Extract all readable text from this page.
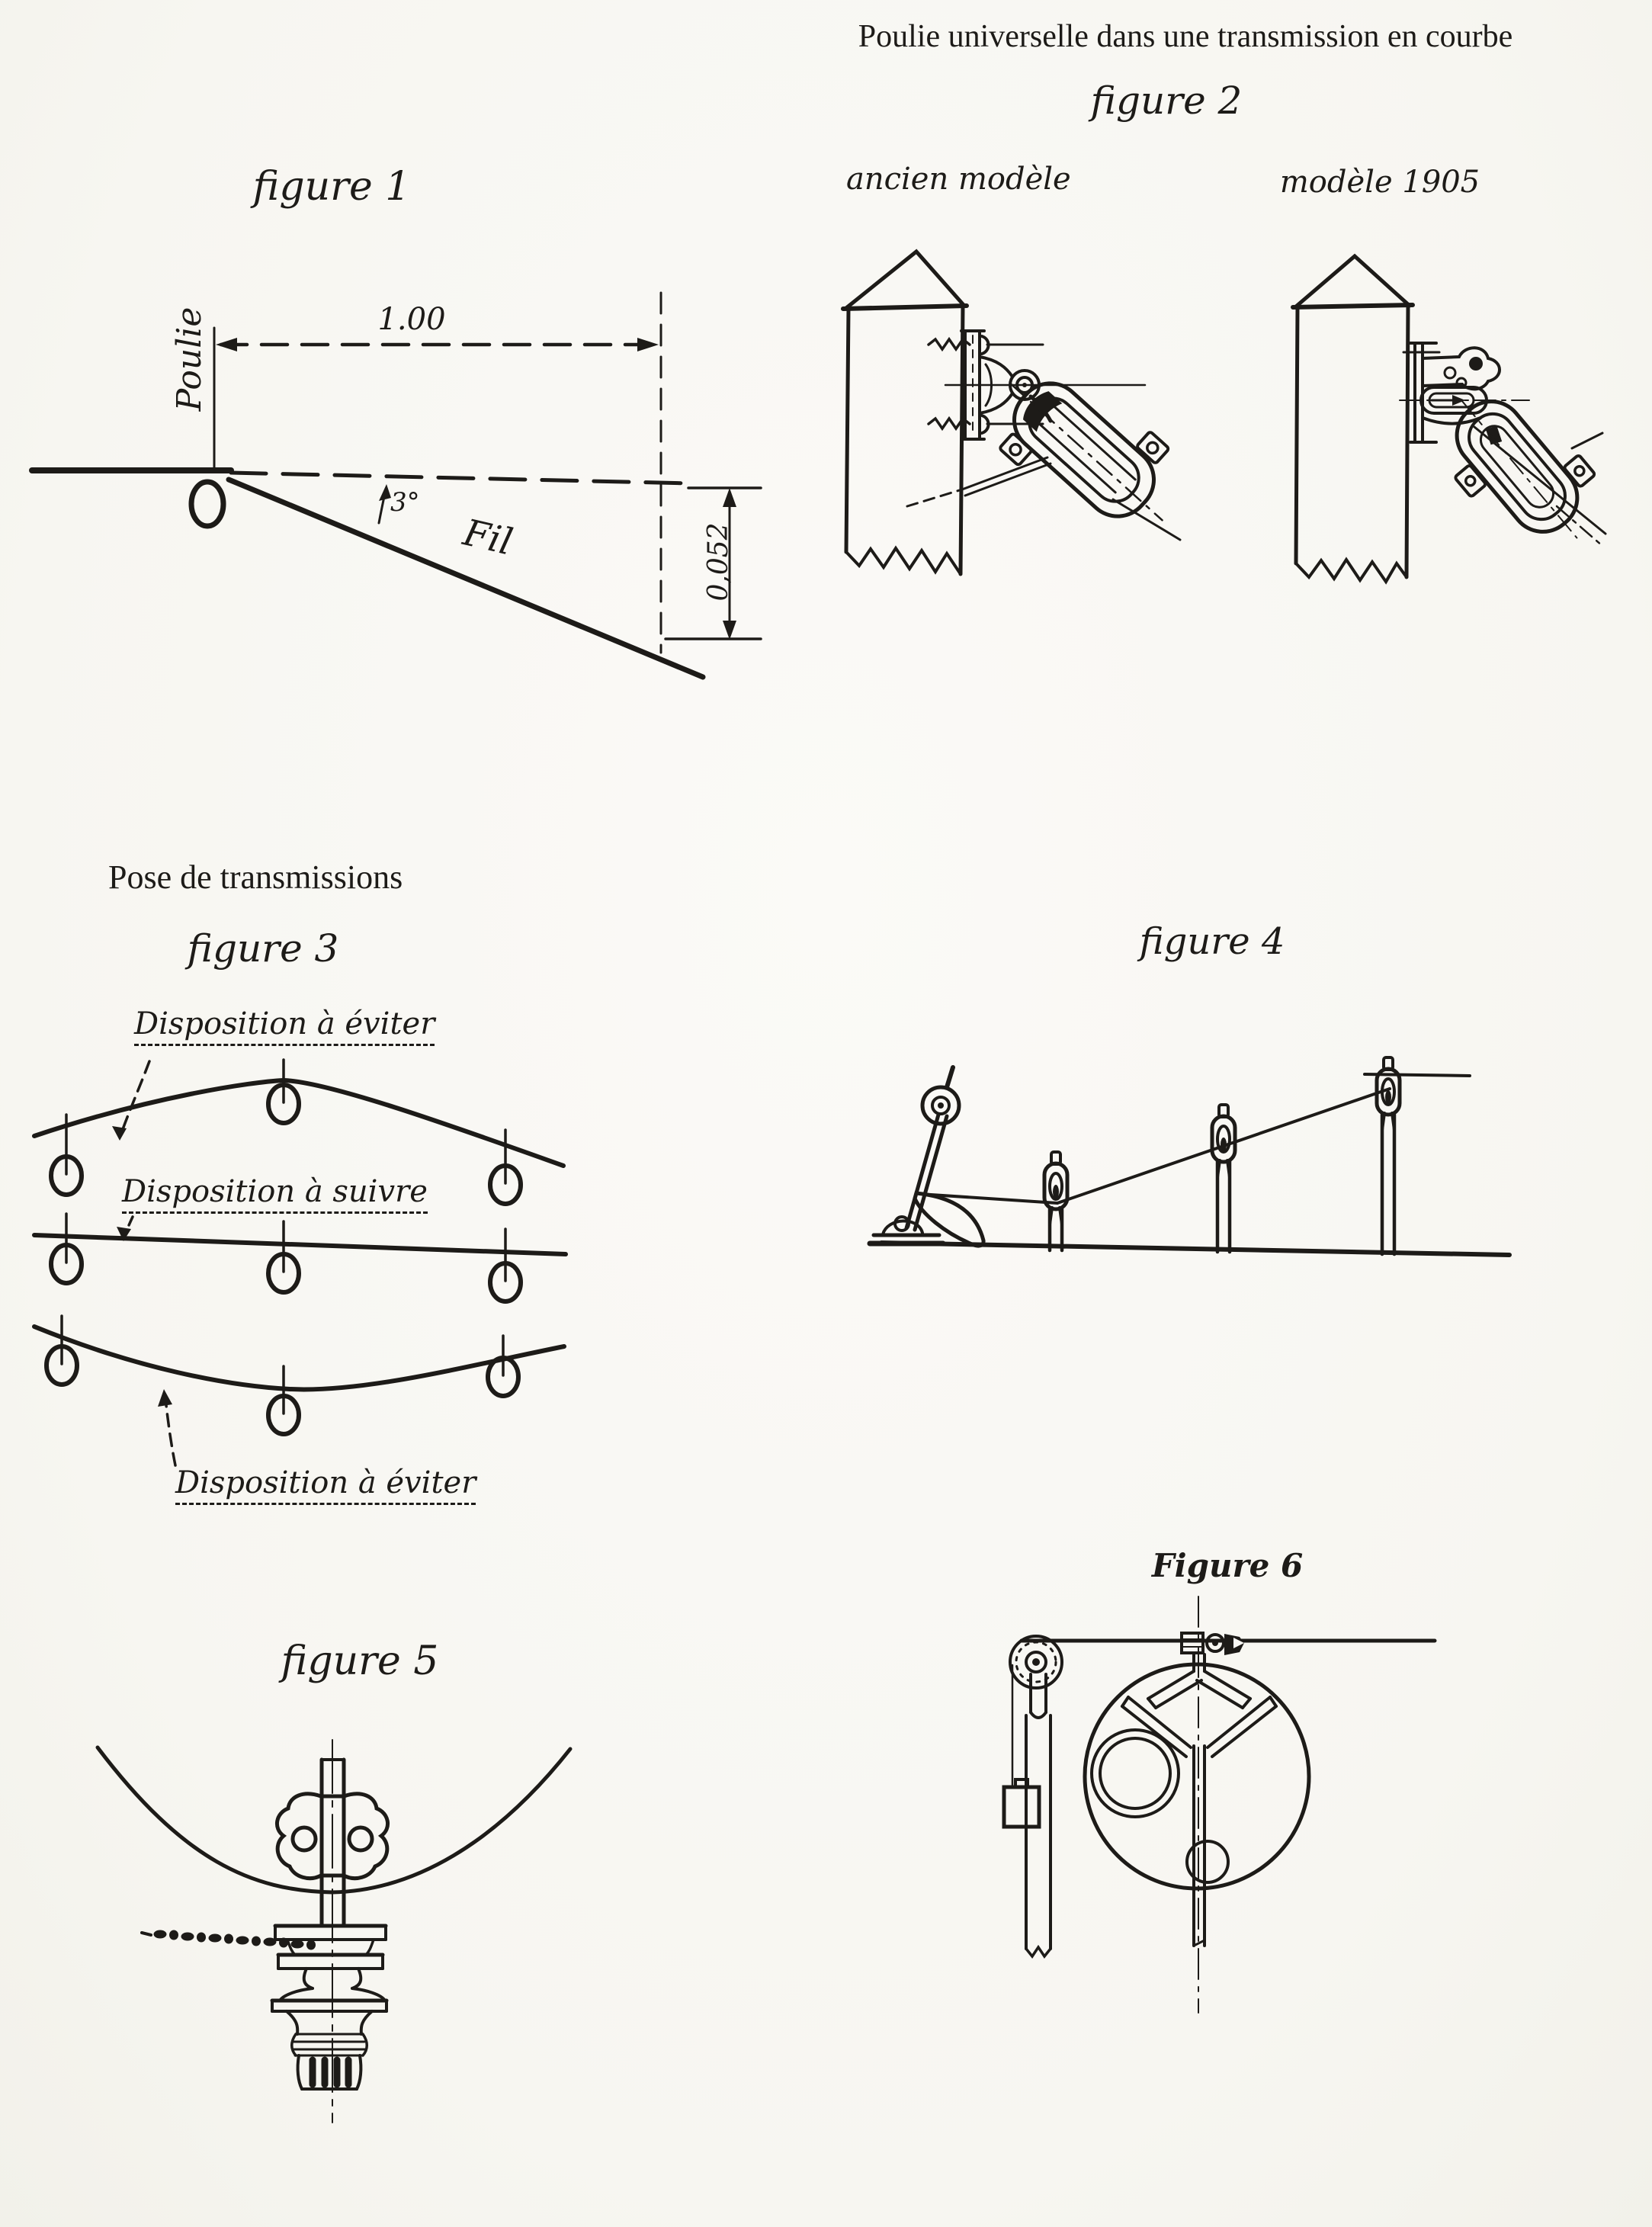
Poulie universelle dans une transmission en courbe
figure 2
figure 1	ancien modèle	modèle 1905
Poulie	1.00
3°
Fil	0,052
Pose de transmissions
figure 3
Disposition à éviter
Disposition à suivre
Disposition à éviter
figure 4
figure 5
Figure 6
